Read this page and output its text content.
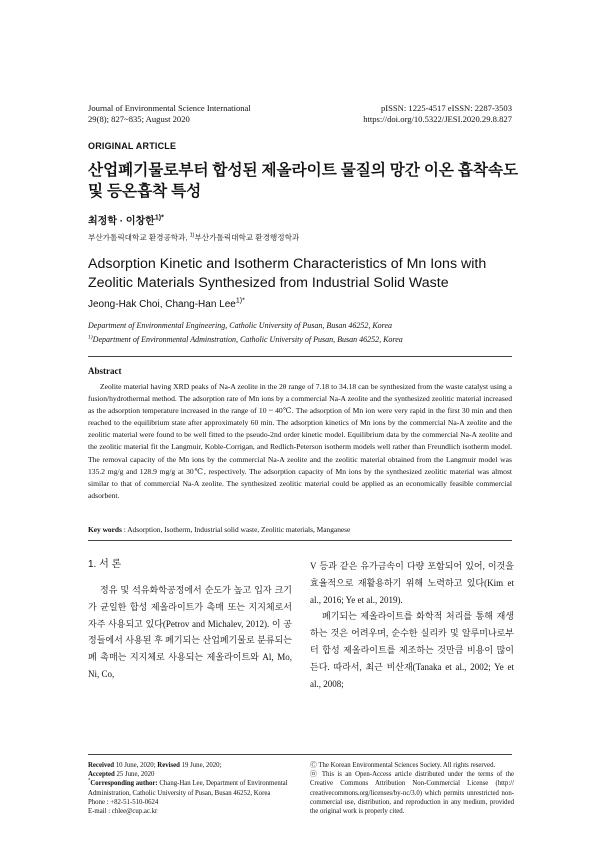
Journal of Environmental Science International
29(8); 827~835; August 2020
pISSN: 1225-4517 eISSN: 2287-3503
https://doi.org/10.5322/JESI.2020.29.8.827
ORIGINAL ARTICLE
산업폐기물로부터 합성된 제올라이트 물질의 망간 이온 흡착속도 및 등온흡착 특성
최정학 · 이창한$^{1)*}$
부산가톨릭대학교 환경공학과, $^{1)}$부산가톨릭대학교 환경행정학과
Adsorption Kinetic and Isotherm Characteristics of Mn Ions with Zeolitic Materials Synthesized from Industrial Solid Waste
Jeong-Hak Choi, Chang-Han Lee$^{1)*}$
Department of Environmental Engineering, Catholic University of Pusan, Busan 46252, Korea
$^{1)}$Department of Environmental Adminstration, Catholic University of Pusan, Busan 46252, Korea
Abstract
Zeolite material having XRD peaks of Na-A zeolite in the 2θ range of 7.18 to 34.18 can be synthesized from the waste catalyst using a fusion/hydrothermal method. The adsorption rate of Mn ions by a commercial Na-A zeolite and the synthesized zeolitic material increased as the adsorption temperature increased in the range of 10 ~ 40℃. The adsorption of Mn ion were very rapid in the first 30 min and then reached to the equilibrium state after approximately 60 min. The adsorption kinetics of Mn ions by the commercial Na-A zeolite and the zeolitic material were found to be well fitted to the pseudo-2nd order kinetic model. Equilibrium data by the commercial Na-A zeolite and the zeolitic material fit the Langmuir, Koble-Corrigan, and Redlich-Peterson isotherm models well rather than Freundlich isotherm model. The removal capacity of the Mn ions by the commercial Na-A zeolite and the zeolitic material obtained from the Langmuir model was 135.2 mg/g and 128.9 mg/g at 30℃, respectively. The adsorption capacity of Mn ions by the synthesized zeolitic material was almost similar to that of commercial Na-A zeolite. The synthesized zeolitic material could be applied as an economically feasible commercial adsorbent.
Key words : Adsorption, Isotherm, Industrial solid waste, Zeolitic materials, Manganese
1. 서 론

정유 및 석유화학공정에서 순도가 높고 입자 크기가 균일한 합성 제올라이트가 촉매 또는 지지체로서 자주 사용되고 있다(Petrov and Michalev, 2012). 이 공정들에서 사용된 후 폐기되는 산업폐기물로 분류되는 폐 촉매는 지지체로 사용되는 제올라이트와 Al, Mo, Ni, Co,

V 등과 같은 유가금속이 다량 포함되어 있어, 이것을 효율적으로 재활용하기 위해 노력하고 있다(Kim et al., 2016; Ye et al., 2019).

폐기되는 제올라이트를 화학적 처리를 통해 재생하는 것은 어려우며, 순수한 실리카 및 알루미나로부터 합성 제올라이트를 제조하는 것만큼 비용이 많이 든다. 따라서, 최근 비산재(Tanaka et al., 2002; Ye et al., 2008;

Received 10 June, 2020; Revised 19 June, 2020;
Accepted 25 June, 2020
*Corresponding author: Chang-Han Lee, Department of Environmental Administration, Catholic University of Pusan, Busan 46252, Korea
Phone : +82-51-510-0624
E-mail : chlee@cup.ac.kr
Ⓒ The Korean Environmental Sciences Society. All rights reserved.
㉧ This is an Open-Access article distributed under the terms of the Creative Commons Attribution Non-Commercial License (http:// creativecommons.org/licenses/by-nc/3.0) which permits unrestricted non-commercial use, distribution, and reproduction in any medium, provided the original work is properly cited.
